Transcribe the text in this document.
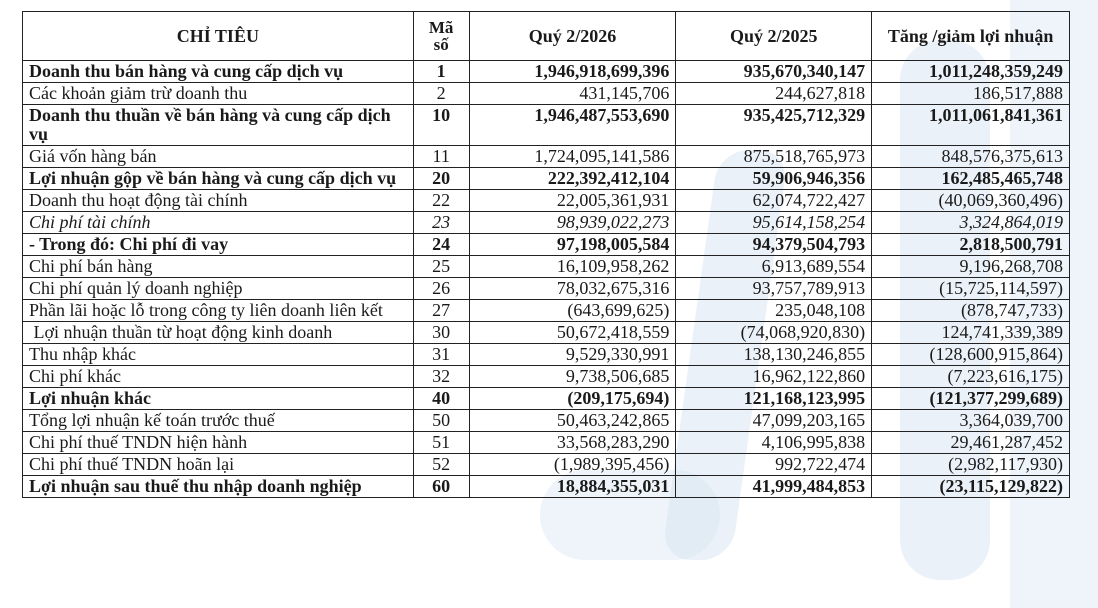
CHỈ TIÊU	Mã số	Quý 2/2026	Quý 2/2025	Tăng /giảm lợi nhuận
Doanh thu bán hàng và cung cấp dịch vụ	1	1,946,918,699,396	935,670,340,147	1,011,248,359,249
Các khoản giảm trừ doanh thu	2	431,145,706	244,627,818	186,517,888
Doanh thu thuần về bán hàng và cung cấp dịch vụ	10	1,946,487,553,690	935,425,712,329	1,011,061,841,361
Giá vốn hàng bán	11	1,724,095,141,586	875,518,765,973	848,576,375,613
Lợi nhuận gộp về bán hàng và cung cấp dịch vụ	20	222,392,412,104	59,906,946,356	162,485,465,748
Doanh thu hoạt động tài chính	22	22,005,361,931	62,074,722,427	(40,069,360,496)
Chi phí tài chính	23	98,939,022,273	95,614,158,254	3,324,864,019
- Trong đó: Chi phí đi vay	24	97,198,005,584	94,379,504,793	2,818,500,791
Chi phí bán hàng	25	16,109,958,262	6,913,689,554	9,196,268,708
Chi phí quản lý doanh nghiệp	26	78,032,675,316	93,757,789,913	(15,725,114,597)
Phần lãi hoặc lỗ trong công ty liên doanh liên kết	27	(643,699,625)	235,048,108	(878,747,733)
Lợi nhuận thuần từ hoạt động kinh doanh	30	50,672,418,559	(74,068,920,830)	124,741,339,389
Thu nhập khác	31	9,529,330,991	138,130,246,855	(128,600,915,864)
Chi phí khác	32	9,738,506,685	16,962,122,860	(7,223,616,175)
Lợi nhuận khác	40	(209,175,694)	121,168,123,995	(121,377,299,689)
Tổng lợi nhuận kế toán trước thuế	50	50,463,242,865	47,099,203,165	3,364,039,700
Chi phí thuế TNDN hiện hành	51	33,568,283,290	4,106,995,838	29,461,287,452
Chi phí thuế TNDN hoãn lại	52	(1,989,395,456)	992,722,474	(2,982,117,930)
Lợi nhuận sau thuế thu nhập doanh nghiệp	60	18,884,355,031	41,999,484,853	(23,115,129,822)
